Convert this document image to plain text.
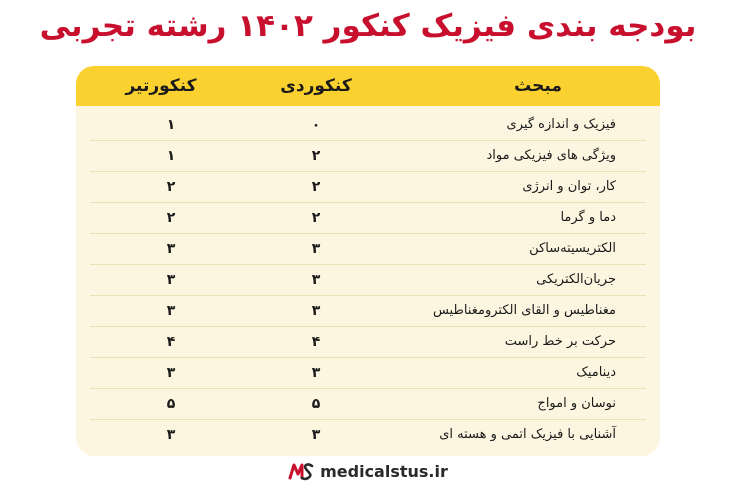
بودجه بندی فیزیک کنکور ۱۴۰۲ رشته تجربی
مبحث
کنکوردی
کنکورتیر
فیزیک و اندازه گیری
۰
۱
ویژگی های فیزیکی مواد
۲
۱
کار، توان و انرژی
۲
۲
دما و گرما
۲
۲
الکتریسیته‌ساکن
۳
۳
جریان‌الکتریکی
۳
۳
مغناطیس و القای الکترومغناطیس
۳
۳
حرکت بر خط راست
۴
۴
دینامیک
۳
۳
نوسان و امواج
۵
۵
آشنایی با فیزیک اتمی و هسته ای
۳
۳
medicalstus.ir
